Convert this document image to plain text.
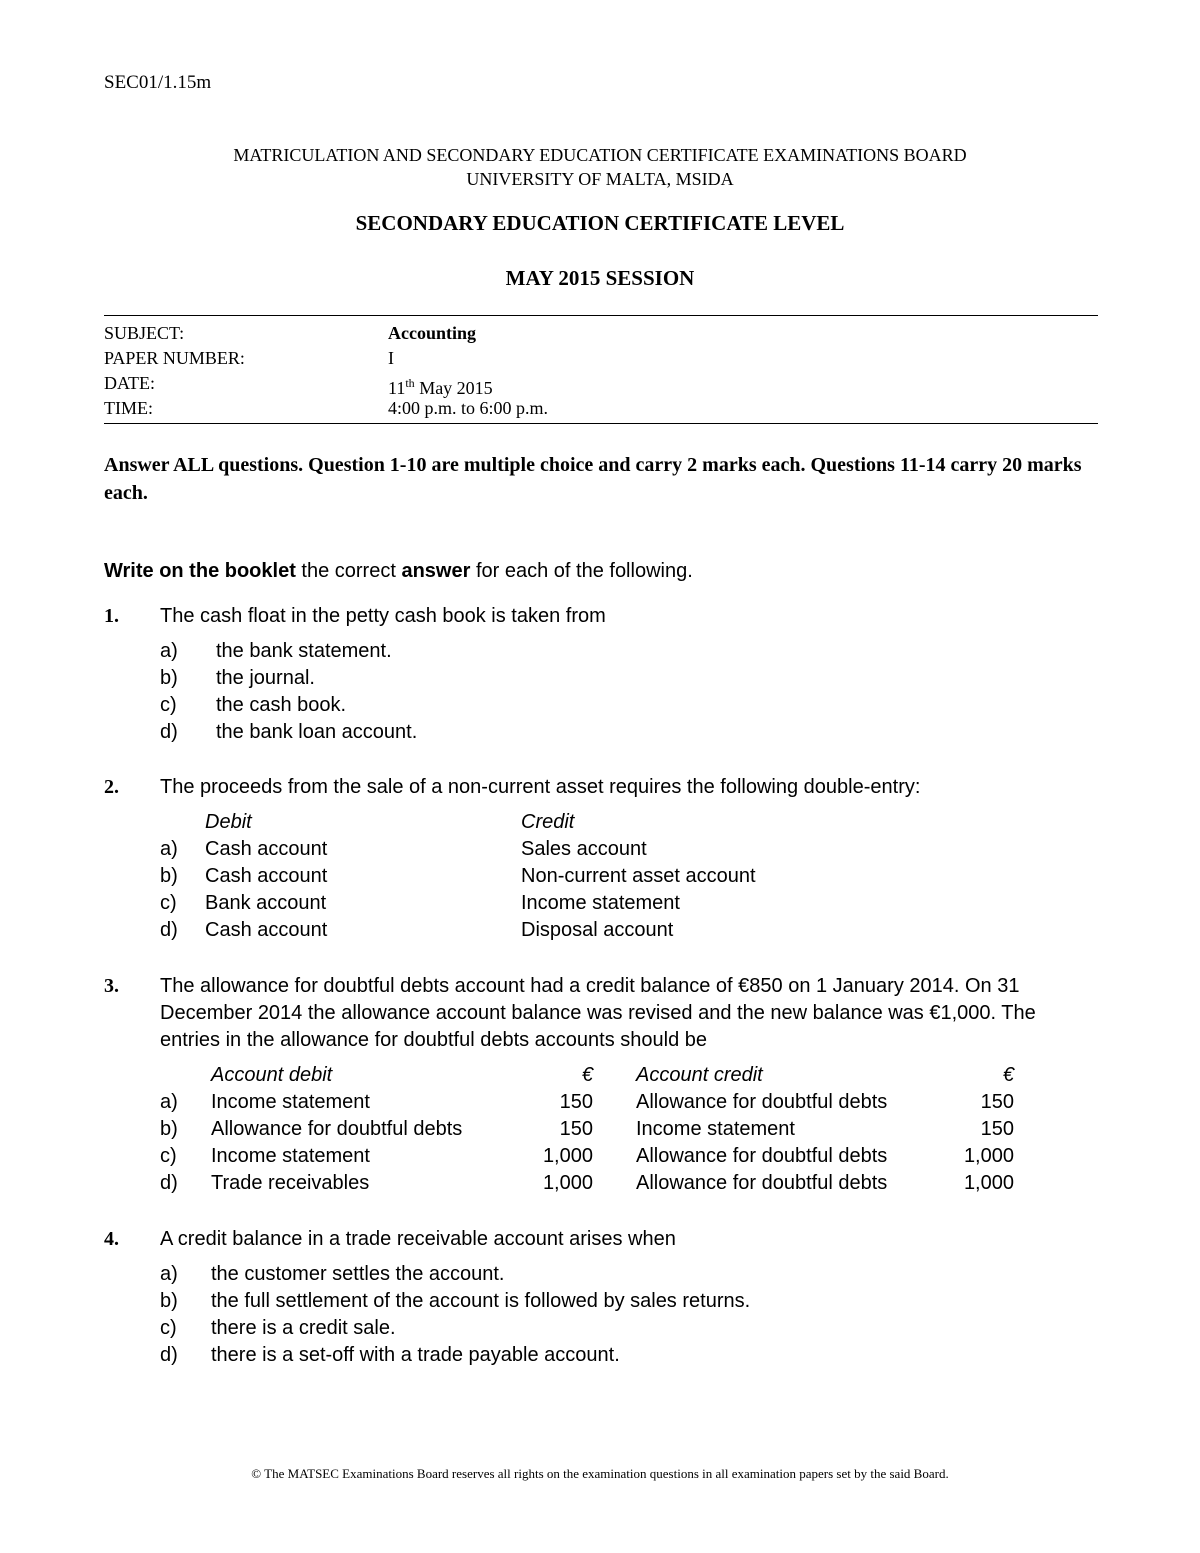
SEC01/1.15m
MATRICULATION AND SECONDARY EDUCATION CERTIFICATE EXAMINATIONS BOARD
UNIVERSITY OF MALTA, MSIDA
SECONDARY EDUCATION CERTIFICATE LEVEL
MAY 2015 SESSION
SUBJECT:	Accounting
PAPER NUMBER:	I
DATE:	11th May 2015
TIME:	4:00 p.m. to 6:00 p.m.
Answer ALL questions. Question 1-10 are multiple choice and carry 2 marks each. Questions 11-14 carry 20 marks each.
Write on the booklet the correct answer for each of the following.
1. The cash float in the petty cash book is taken from
a) the bank statement.
b) the journal.
c) the cash book.
d) the bank loan account.
2. The proceeds from the sale of a non-current asset requires the following double-entry:
Debit	Credit
a) Cash account	Sales account
b) Cash account	Non-current asset account
c) Bank account	Income statement
d) Cash account	Disposal account
3. The allowance for doubtful debts account had a credit balance of €850 on 1 January 2014. On 31
December 2014 the allowance account balance was revised and the new balance was €1,000. The
entries in the allowance for doubtful debts accounts should be
Account debit	€ Account credit	€
a) Income statement	150 Allowance for doubtful debts	150
b) Allowance for doubtful debts	150 Income statement	150
c) Income statement	1,000 Allowance for doubtful debts	1,000
d) Trade receivables	1,000 Allowance for doubtful debts	1,000
4. A credit balance in a trade receivable account arises when
a) the customer settles the account.
b) the full settlement of the account is followed by sales returns.
c) there is a credit sale.
d) there is a set-off with a trade payable account.
© The MATSEC Examinations Board reserves all rights on the examination questions in all examination papers set by the said Board.
